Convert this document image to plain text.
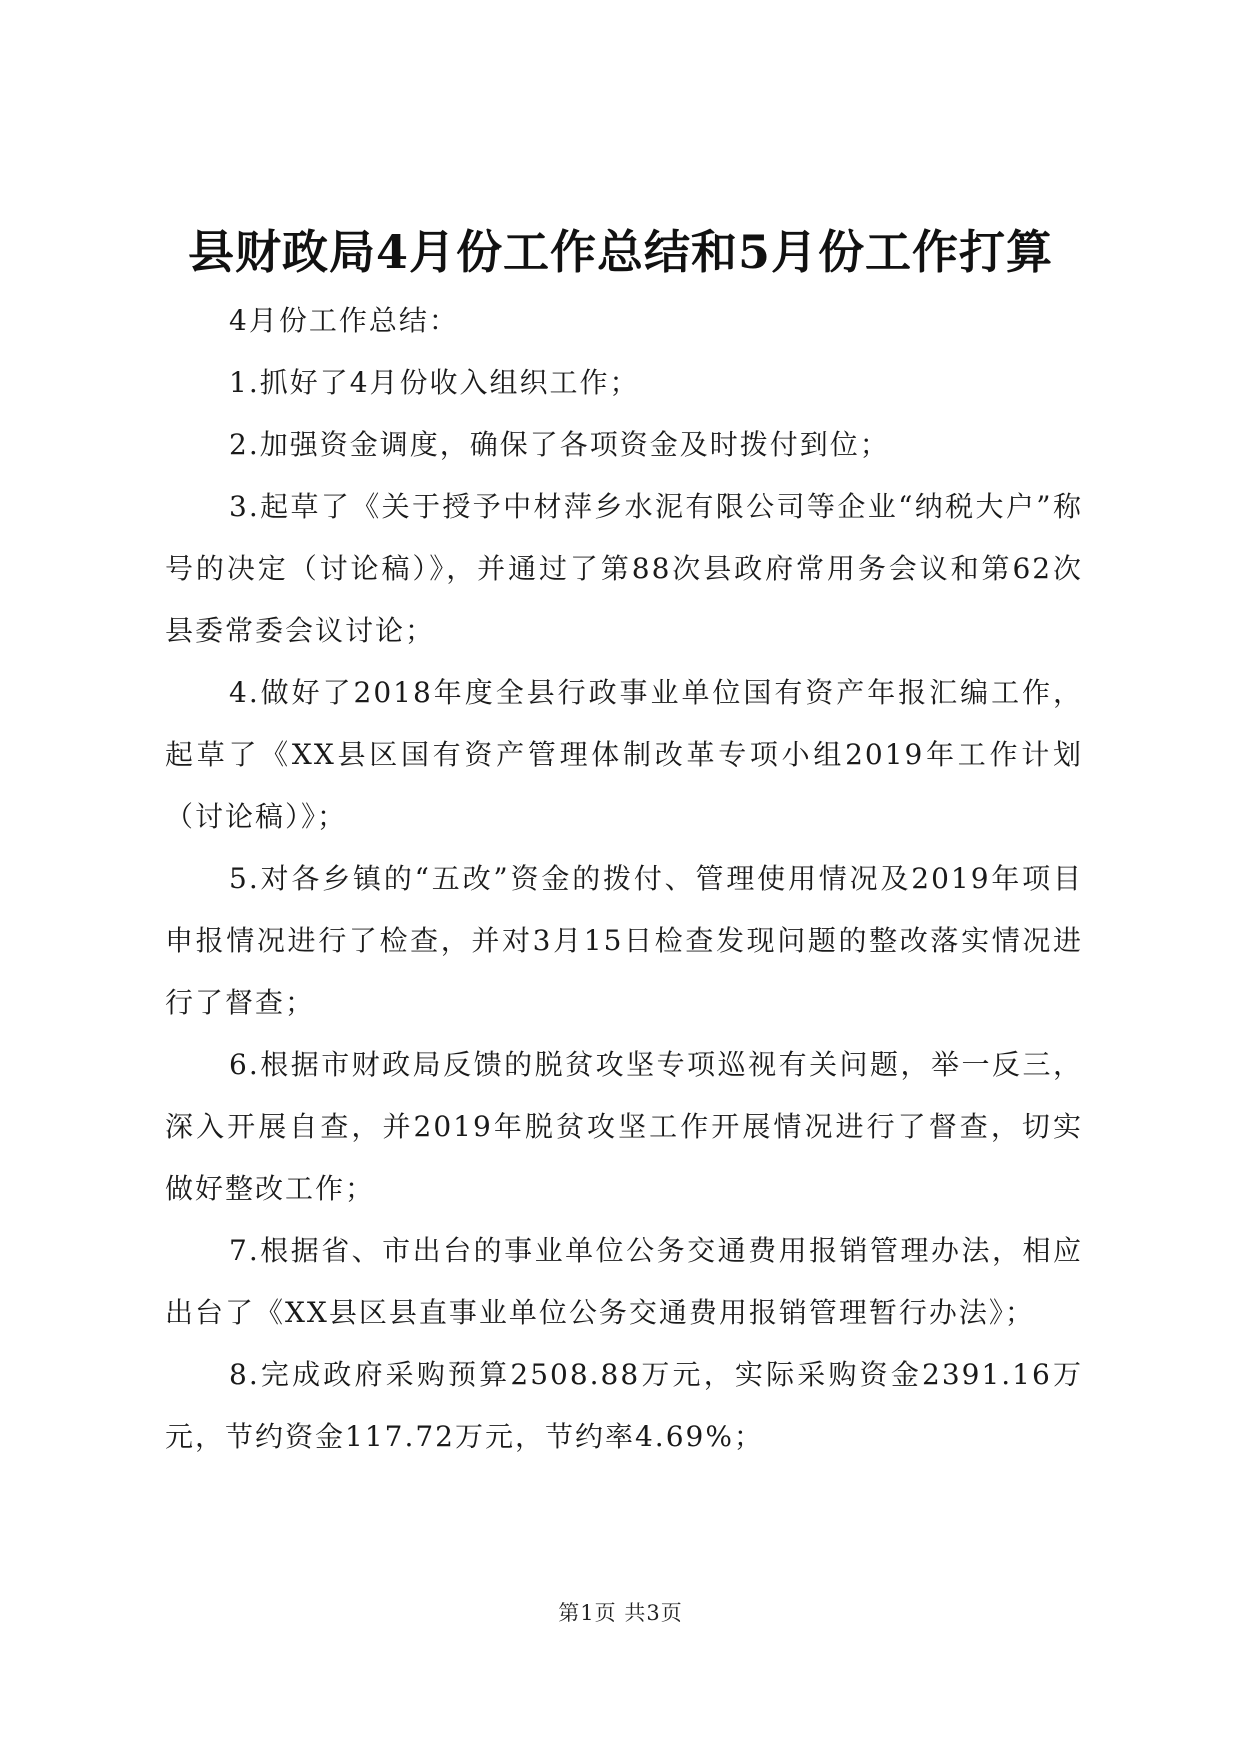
县财政局4月份工作总结和5月份工作打算

4月份工作总结：

1.抓好了4月份收入组织工作；

2.加强资金调度，确保了各项资金及时拨付到位；

3.起草了《关于授予中材萍乡水泥有限公司等企业“纳税大户”称号的决定（讨论稿）》，并通过了第88次县政府常用务会议和第62次县委常委会议讨论；

4.做好了2018年度全县行政事业单位国有资产年报汇编工作，起草了《XX县区国有资产管理体制改革专项小组2019年工作计划（讨论稿）》；

5.对各乡镇的“五改”资金的拨付、管理使用情况及2019年项目申报情况进行了检查，并对3月15日检查发现问题的整改落实情况进行了督查；

6.根据市财政局反馈的脱贫攻坚专项巡视有关问题，举一反三，深入开展自查，并2019年脱贫攻坚工作开展情况进行了督查，切实做好整改工作；

7.根据省、市出台的事业单位公务交通费用报销管理办法，相应出台了《XX县区县直事业单位公务交通费用报销管理暂行办法》；

8.完成政府采购预算2508.88万元，实际采购资金2391.16万元，节约资金117.72万元，节约率4.69%；

第1页 共3页
